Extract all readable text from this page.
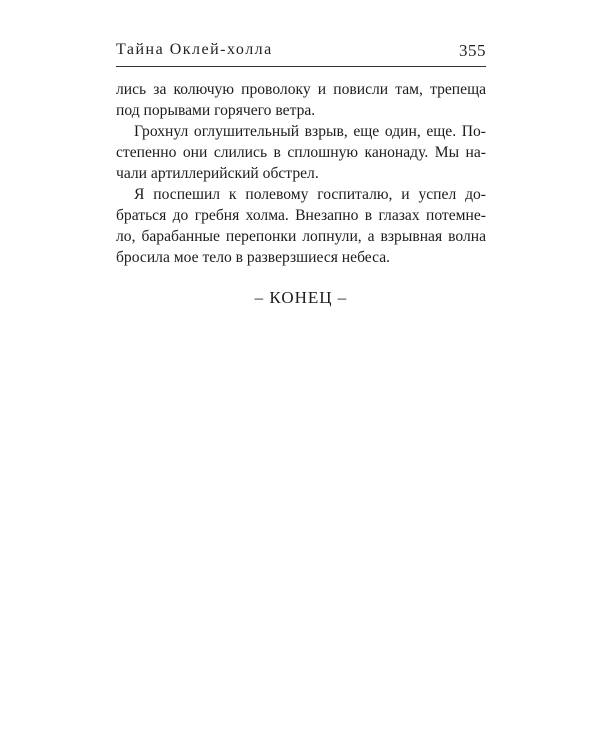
Тайна Оклей-холла	355
лись за колючую проволоку и повисли там, трепеща
под порывами горячего ветра.
Грохнул оглушительный взрыв, еще один, еще. По-
степенно они слились в сплошную канонаду. Мы на-
чали артиллерийский обстрел.
Я поспешил к полевому госпиталю, и успел до-
браться до гребня холма. Внезапно в глазах потемне-
ло, барабанные перепонки лопнули, а взрывная волна
бросила мое тело в разверзшиеся небеса.
– КОНЕЦ –
